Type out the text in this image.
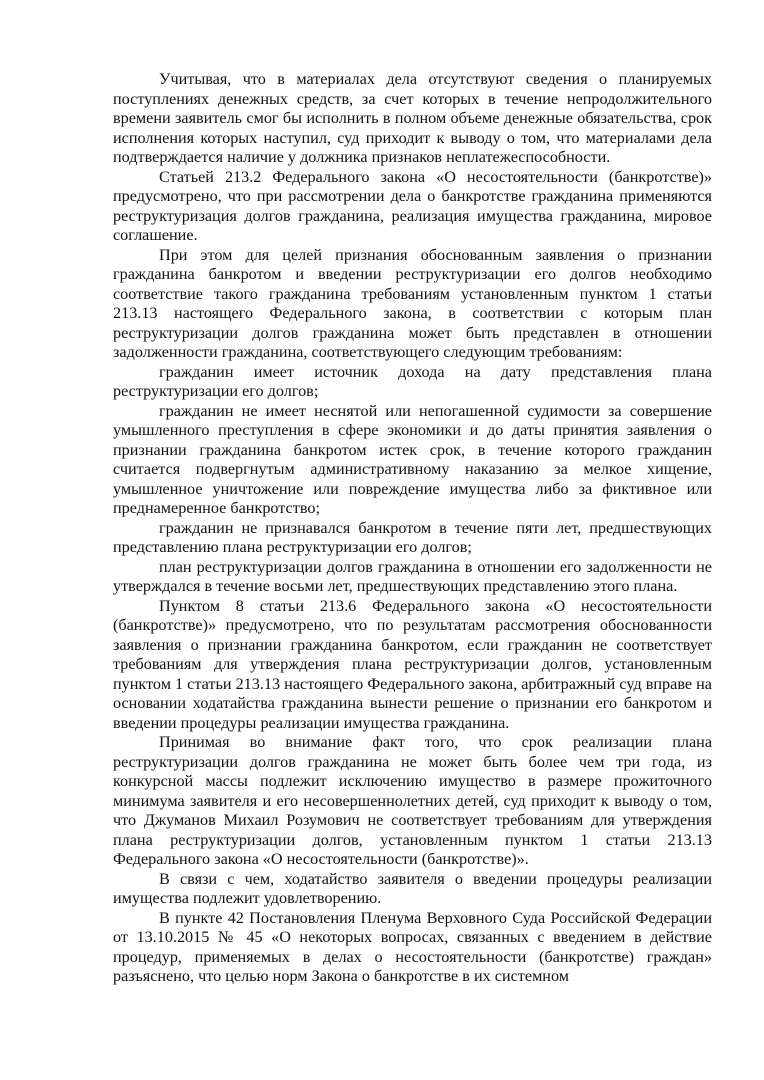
Учитывая, что в материалах дела отсутствуют сведения о планируемых поступлениях денежных средств, за счет которых в течение непродолжительного времени заявитель смог бы исполнить в полном объеме денежные обязательства, срок исполнения которых наступил, суд приходит к выводу о том, что материалами дела подтверждается наличие у должника признаков неплатежеспособности.

Статьей 213.2 Федерального закона «О несостоятельности (банкротстве)» предусмотрено, что при рассмотрении дела о банкротстве гражданина применяются реструктуризация долгов гражданина, реализация имущества гражданина, мировое соглашение.

При этом для целей признания обоснованным заявления о признании гражданина банкротом и введении реструктуризации его долгов необходимо соответствие такого гражданина требованиям установленным пунктом 1 статьи 213.13 настоящего Федерального закона, в соответствии с которым план реструктуризации долгов гражданина может быть представлен в отношении задолженности гражданина, соответствующего следующим требованиям:

гражданин имеет источник дохода на дату представления плана реструктуризации его долгов;

гражданин не имеет неснятой или непогашенной судимости за совершение умышленного преступления в сфере экономики и до даты принятия заявления о признании гражданина банкротом истек срок, в течение которого гражданин считается подвергнутым административному наказанию за мелкое хищение, умышленное уничтожение или повреждение имущества либо за фиктивное или преднамеренное банкротство;

гражданин не признавался банкротом в течение пяти лет, предшествующих представлению плана реструктуризации его долгов;

план реструктуризации долгов гражданина в отношении его задолженности не утверждался в течение восьми лет, предшествующих представлению этого плана.

Пунктом 8 статьи 213.6 Федерального закона «О несостоятельности (банкротстве)» предусмотрено, что по результатам рассмотрения обоснованности заявления о признании гражданина банкротом, если гражданин не соответствует требованиям для утверждения плана реструктуризации долгов, установленным пунктом 1 статьи 213.13 настоящего Федерального закона, арбитражный суд вправе на основании ходатайства гражданина вынести решение о признании его банкротом и введении процедуры реализации имущества гражданина.

Принимая во внимание факт того, что срок реализации плана реструктуризации долгов гражданина не может быть более чем три года, из конкурсной массы подлежит исключению имущество в размере прожиточного минимума заявителя и его несовершеннолетних детей, суд приходит к выводу о том, что Джуманов Михаил Розумович не соответствует требованиям для утверждения плана реструктуризации долгов, установленным пунктом 1 статьи 213.13 Федерального закона «О несостоятельности (банкротстве)».

В связи с чем, ходатайство заявителя о введении процедуры реализации имущества подлежит удовлетворению.

В пункте 42 Постановления Пленума Верховного Суда Российской Федерации от 13.10.2015 № 45 «О некоторых вопросах, связанных с введением в действие процедур, применяемых в делах о несостоятельности (банкротстве) граждан» разъяснено, что целью норм Закона о банкротстве в их системном
